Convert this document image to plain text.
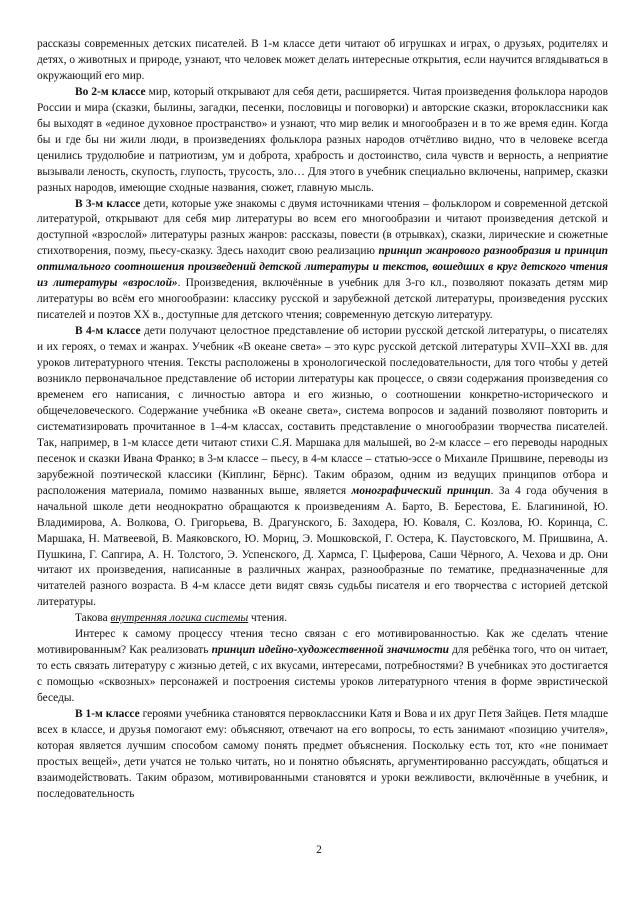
рассказы современных детских писателей. В 1-м классе дети читают об игрушках и играх, о друзьях, родителях и детях, о животных и природе, узнают, что человек может делать интересные открытия, если научится вглядываться в окружающий его мир.

Во 2-м классе мир, который открывают для себя дети, расширяется. Читая произведения фольклора народов России и мира (сказки, былины, загадки, песенки, пословицы и поговорки) и авторские сказки, второклассники как бы выходят в «единое духовное пространство» и узнают, что мир велик и многообразен и в то же время един. Когда бы и где бы ни жили люди, в произведениях фольклора разных народов отчётливо видно, что в человеке всегда ценились трудолюбие и патриотизм, ум и доброта, храбрость и достоинство, сила чувств и верность, а неприятие вызывали леность, скупость, глупость, трусость, зло… Для этого в учебник специально включены, например, сказки разных народов, имеющие сходные названия, сюжет, главную мысль.

В 3-м классе дети, которые уже знакомы с двумя источниками чтения – фольклором и современной детской литературой, открывают для себя мир литературы во всем его многообразии и читают произведения детской и доступной «взрослой» литературы разных жанров: рассказы, повести (в отрывках), сказки, лирические и сюжетные стихотворения, поэму, пьесу-сказку. Здесь находит свою реализацию принцип жанрового разнообразия и принцип оптимального соотношения произведений детской литературы и текстов, вошедших в круг детского чтения из литературы «взрослой». Произведения, включённые в учебник для 3-го кл., позволяют показать детям мир литературы во всём его многообразии: классику русской и зарубежной детской литературы, произведения русских писателей и поэтов XX в., доступные для детского чтения; современную детскую литературу.

В 4-м классе дети получают целостное представление об истории русской детской литературы, о писателях и их героях, о темах и жанрах. Учебник «В океане света» – это курс русской детской литературы XVII–XXI вв. для уроков литературного чтения. Тексты расположены в хронологической последовательности, для того чтобы у детей возникло первоначальное представление об истории литературы как процессе, о связи содержания произведения со временем его написания, с личностью автора и его жизнью, о соотношении конкретно-исторического и общечеловеческого. Содержание учебника «В океане света», система вопросов и заданий позволяют повторить и систематизировать прочитанное в 1–4-м классах, составить представление о многообразии творчества писателей. Так, например, в 1-м классе дети читают стихи С.Я. Маршака для малышей, во 2-м классе – его переводы народных песенок и сказки Ивана Франко; в 3-м классе – пьесу, в 4-м классе – статью-эссе о Михаиле Пришвине, переводы из зарубежной поэтической классики (Киплинг, Бёрнс). Таким образом, одним из ведущих принципов отбора и расположения материала, помимо названных выше, является монографический принцип. За 4 года обучения в начальной школе дети неоднократно обращаются к произведениям А. Барто, В. Берестова, Е. Благининой, Ю. Владимирова, А. Волкова, О. Григорьева, В. Драгунского, Б. Заходера, Ю. Коваля, С. Козлова, Ю. Коринца, С. Маршака, Н. Матвеевой, В. Маяковского, Ю. Мориц, Э. Мошковской, Г. Остера, К. Паустовского, М. Пришвина, А. Пушкина, Г. Сапгира, А. Н. Толстого, Э. Успенского, Д. Хармса, Г. Цыферова, Саши Чёрного, А. Чехова и др. Они читают их произведения, написанные в различных жанрах, разнообразные по тематике, предназначенные для читателей разного возраста. В 4-м классе дети видят связь судьбы писателя и его творчества с историей детской литературы.

Такова внутренняя логика системы чтения.

Интерес к самому процессу чтения тесно связан с его мотивированностью. Как же сделать чтение мотивированным? Как реализовать принцип идейно-художественной значимости для ребёнка того, что он читает, то есть связать литературу с жизнью детей, с их вкусами, интересами, потребностями? В учебниках это достигается с помощью «сквозных» персонажей и построения системы уроков литературного чтения в форме эвристической беседы.

В 1-м классе героями учебника становятся первоклассники Катя и Вова и их друг Петя Зайцев. Петя младше всех в классе, и друзья помогают ему: объясняют, отвечают на его вопросы, то есть занимают «позицию учителя», которая является лучшим способом самому понять предмет объяснения. Поскольку есть тот, кто «не понимает простых вещей», дети учатся не только читать, но и понятно объяснять, аргументированно рассуждать, общаться и взаимодействовать. Таким образом, мотивированными становятся и уроки вежливости, включённые в учебник, и последовательность

2
